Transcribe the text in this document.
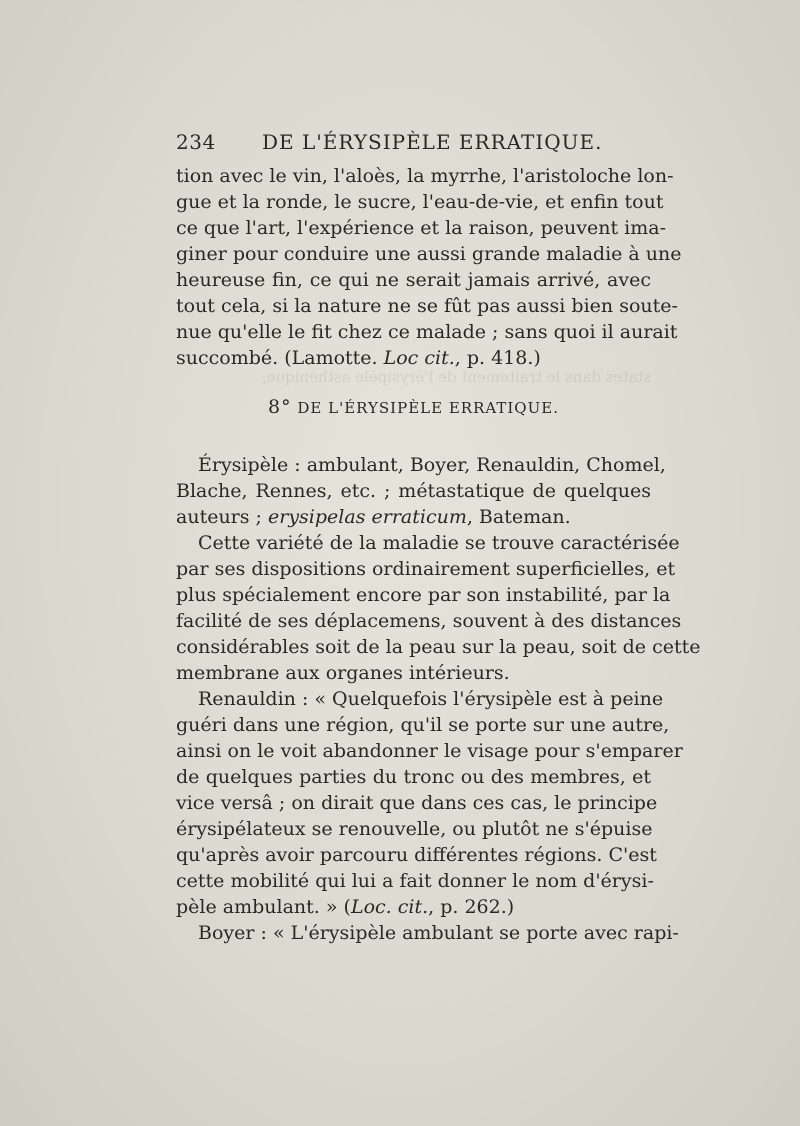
234 DE L'ÉRYSIPÈLE ERRATIQUE.
tion avec le vin, l'aloès, la myrrhe, l'aristoloche lon-
gue et la ronde, le sucre, l'eau-de-vie, et enfin tout
ce que l'art, l'expérience et la raison, peuvent ima-
giner pour conduire une aussi grande maladie à une
heureuse fin, ce qui ne serait jamais arrivé, avec
tout cela, si la nature ne se fût pas aussi bien soute-
nue qu'elle le fit chez ce malade ; sans quoi il aurait
succombé. (Lamotte. Loc cit., p. 418.)
states dans le traitement de l'érysipèle asthénique;
8° DE L'ÉRYSIPÈLE ERRATIQUE.
Érysipèle : ambulant, Boyer, Renauldin, Chomel,
Blache, Rennes, etc. ; métastatique de quelques
auteurs ; erysipelas erraticum, Bateman.
Cette variété de la maladie se trouve caractérisée
par ses dispositions ordinairement superficielles, et
plus spécialement encore par son instabilité, par la
facilité de ses déplacemens, souvent à des distances
considérables soit de la peau sur la peau, soit de cette
membrane aux organes intérieurs.
Renauldin : « Quelquefois l'érysipèle est à peine
guéri dans une région, qu'il se porte sur une autre,
ainsi on le voit abandonner le visage pour s'emparer
de quelques parties du tronc ou des membres, et
vice versâ ; on dirait que dans ces cas, le principe
érysipélateux se renouvelle, ou plutôt ne s'épuise
qu'après avoir parcouru différentes régions. C'est
cette mobilité qui lui a fait donner le nom d'érysi-
pèle ambulant. » (Loc. cit., p. 262.)
Boyer : « L'érysipèle ambulant se porte avec rapi-
